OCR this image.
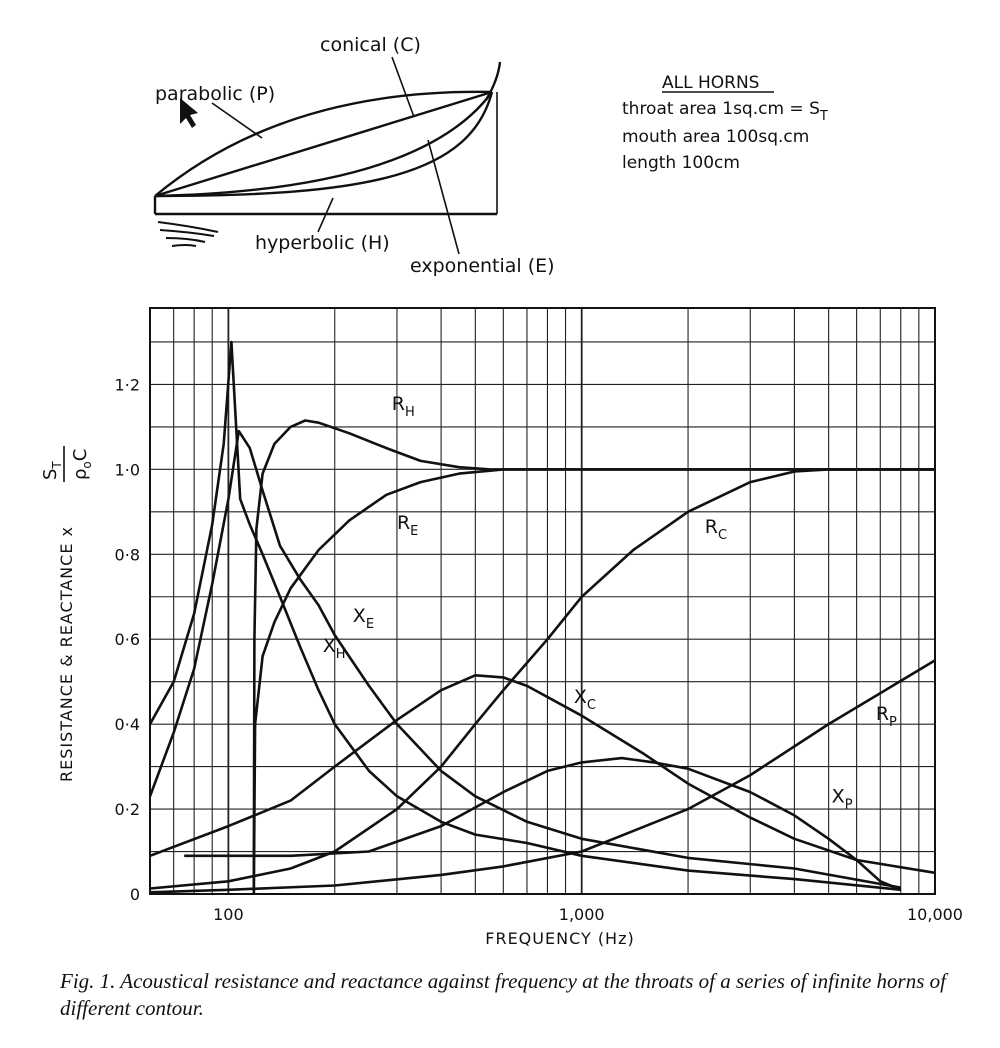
parabolic (P)
conical (C)
hyperbolic (H)
exponential (E)
ALL HORNS
throat area $1sq.cm = S_T$
mouth area 100sq.cm
length 100cm
$R_H$
$R_E$	$R_C$
$R_P$
$X_H$
$X_E$
$X_C$
$X_P$
0
0·2
0·4
0·6
0·8
1·0
1·2
100	1,000	10,000
FREQUENCY (Hz)
RESISTANCE & REACTANCE x
$S_T$
$\rho_oC$

Fig. 1. Acoustical resistance and reactance against frequency at the throats of a series of infinite horns of different contour.
